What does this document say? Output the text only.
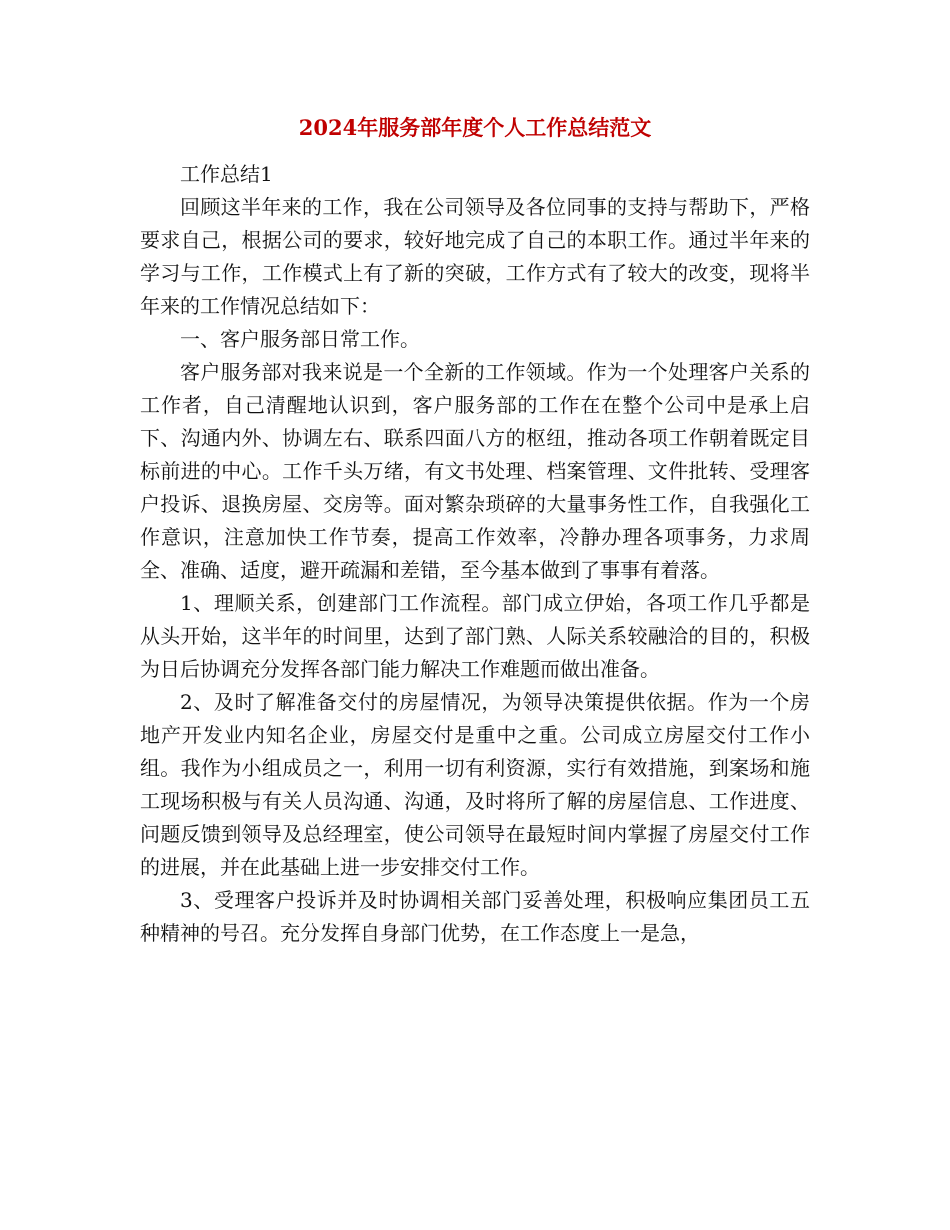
2024年服务部年度个人工作总结范文

工作总结1

回顾这半年来的工作，我在公司领导及各位同事的支持与帮助下，严格要求自己，根据公司的要求，较好地完成了自己的本职工作。通过半年来的学习与工作，工作模式上有了新的突破，工作方式有了较大的改变，现将半年来的工作情况总结如下：

一、客户服务部日常工作。

客户服务部对我来说是一个全新的工作领域。作为一个处理客户关系的工作者，自己清醒地认识到，客户服务部的工作在在整个公司中是承上启下、沟通内外、协调左右、联系四面八方的枢纽，推动各项工作朝着既定目标前进的中心。工作千头万绪，有文书处理、档案管理、文件批转、受理客户投诉、退换房屋、交房等。面对繁杂琐碎的大量事务性工作，自我强化工作意识，注意加快工作节奏，提高工作效率，冷静办理各项事务，力求周全、准确、适度，避开疏漏和差错，至今基本做到了事事有着落。

1、理顺关系，创建部门工作流程。部门成立伊始，各项工作几乎都是从头开始，这半年的时间里，达到了部门熟、人际关系较融洽的目的，积极为日后协调充分发挥各部门能力解决工作难题而做出准备。

2、及时了解准备交付的房屋情况，为领导决策提供依据。作为一个房地产开发业内知名企业，房屋交付是重中之重。公司成立房屋交付工作小组。我作为小组成员之一，利用一切有利资源，实行有效措施，到案场和施工现场积极与有关人员沟通、沟通，及时将所了解的房屋信息、工作进度、问题反馈到领导及总经理室，使公司领导在最短时间内掌握了房屋交付工作的进展，并在此基础上进一步安排交付工作。

3、受理客户投诉并及时协调相关部门妥善处理，积极响应集团员工五种精神的号召。充分发挥自身部门优势，在工作态度上一是急，
